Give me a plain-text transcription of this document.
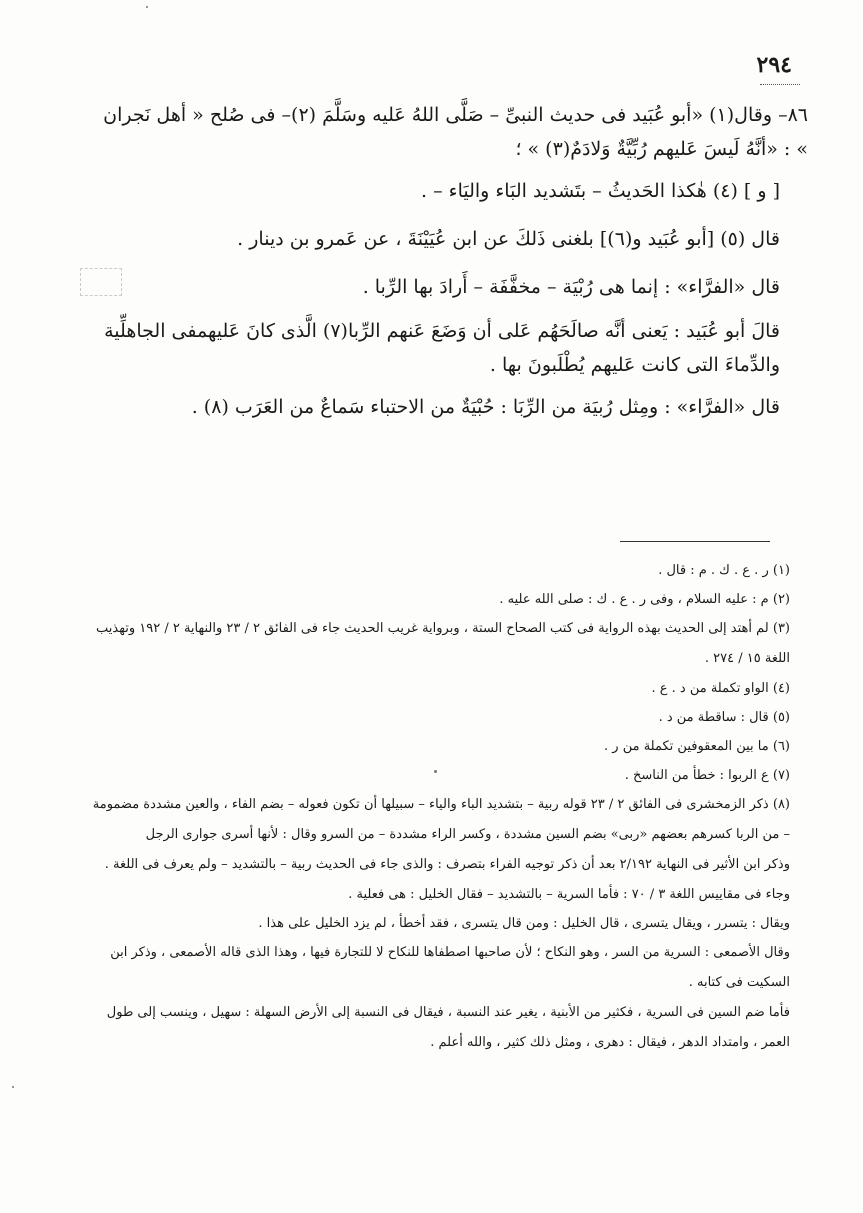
٢٩٤

٨٦– وقال(١) «أبو عُبَيد فى حديث النبىِّ – صَلَّى اللهُ عَليه وسَلَّمَ (٢)– فى صُلح « أهل نَجران » : «أنَّهُ لَيسَ عَليهم رُبِّيَّةٌ وَلادَمٌ(٣) » ؛

[ و ] (٤) هٰكذا الحَديثُ – بتَشديد البَاء واليَاء – .

قال (٥) [أبو عُبَيد و(٦)] بلغنى ذَلكَ عن ابن عُيَيْنَةَ ، عن عَمرو بن دينار .

قال «الفرَّاء» : إنما هى رُبْيَة – مخفَّفَة – أَرادَ بها الرِّبا .

قالَ أبو عُبَيد : يَعنى أنَّه صالَحَهُم عَلى أن وَضَعَ عَنهم الرِّبا(٧) الَّذى كانَ عَليهمفى الجاهلِّية والدِّماءَ التى كانت عَليهم يُطْلَبونَ بها .

قال «الفرَّاء» : ومِثل رُبيَة من الرِّبَا : حُبْيَةٌ من الاحتباء سَماعٌ من العَرَب (٨) .

(١) ر . ع . ك . م : قال .

(٢) م : عليه السلام ، وفى ر . ع . ك : صلى الله عليه .

(٣) لم أهتد إلى الحديث بهذه الرواية فى كتب الصحاح الستة ، وبرواية غريب الحديث جاء فى الفائق ٢ / ٢٣ والنهاية ٢ / ١٩٢ وتهذيب اللغة ١٥ / ٢٧٤ .

(٤) الواو تكملة من د . ع .

(٥) قال : ساقطة من د .

(٦) ما بين المعقوفين تكملة من ر .

(٧) ع الربوا : خطأ من الناسخ .

(٨) ذكر الزمخشرى فى الفائق ٢ / ٢٣ قوله ربية – بتشديد الباء والياء – سبيلها أن تكون فعوله – بضم الفاء ، والعين مشددة مضمومة – من الربا كسرهم بعضهم «ربى» بضم السين مشددة ، وكسر الراء مشددة – من السرو وقال : لأنها أسرى جوارى الرجل

وذكر ابن الأثير فى النهاية ٢/١٩٢ بعد أن ذكر توجيه الفراء بتصرف : والذى جاء فى الحديث ربية – بالتشديد – ولم يعرف فى اللغة .

وجاء فى مقاييس اللغة ٣ / ٧٠ : فأما السرية – بالتشديد – فقال الخليل : هى فعلية .

ويقال : يتسرر ، ويقال يتسرى ، قال الخليل : ومن قال يتسرى ، فقد أخطأ ، لم يزد الخليل على هذا .

وقال الأصمعى : السرية من السر ، وهو النكاح ؛ لأن صاحبها اصطفاها للنكاح لا للتجارة فيها ، وهذا الذى قاله الأصمعى ، وذكر ابن السكيت فى كتابه .

فأما ضم السين فى السرية ، فكثير من الأبنية ، يغير عند النسبة ، فيقال فى النسبة إلى الأرض السهلة : سهيل ، وينسب إلى طول العمر ، وامتداد الدهر ، فيقال : دهرى ، ومثل ذلك كثير ، والله أعلم .
